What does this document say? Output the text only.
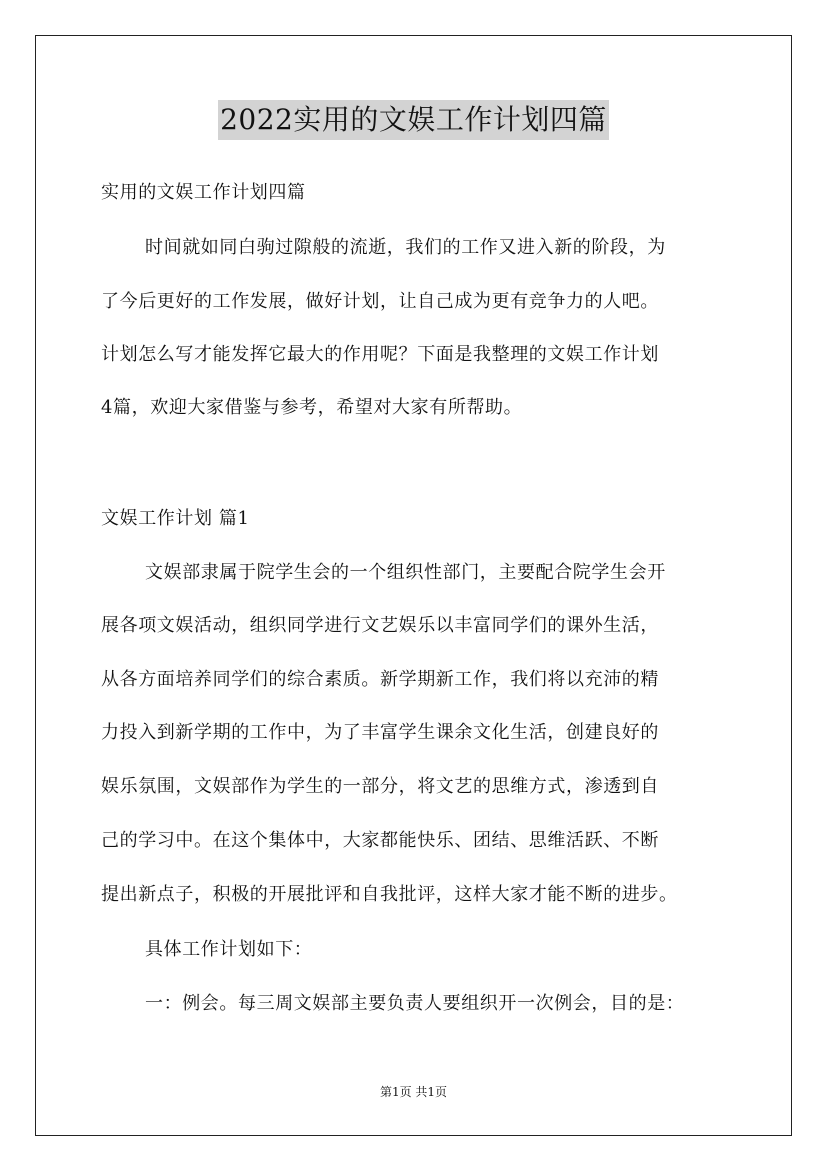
2022实用的文娱工作计划四篇
实用的文娱工作计划四篇
时间就如同白驹过隙般的流逝，我们的工作又进入新的阶段，为
了今后更好的工作发展，做好计划，让自己成为更有竞争力的人吧。
计划怎么写才能发挥它最大的作用呢？下面是我整理的文娱工作计划
4篇，欢迎大家借鉴与参考，希望对大家有所帮助。
文娱工作计划 篇1
文娱部隶属于院学生会的一个组织性部门，主要配合院学生会开
展各项文娱活动，组织同学进行文艺娱乐以丰富同学们的课外生活，
从各方面培养同学们的综合素质。新学期新工作，我们将以充沛的精
力投入到新学期的工作中，为了丰富学生课余文化生活，创建良好的
娱乐氛围，文娱部作为学生的一部分，将文艺的思维方式，渗透到自
己的学习中。在这个集体中，大家都能快乐、团结、思维活跃、不断
提出新点子，积极的开展批评和自我批评，这样大家才能不断的进步。
具体工作计划如下：
一：例会。每三周文娱部主要负责人要组织开一次例会，目的是：
第1页 共1页
